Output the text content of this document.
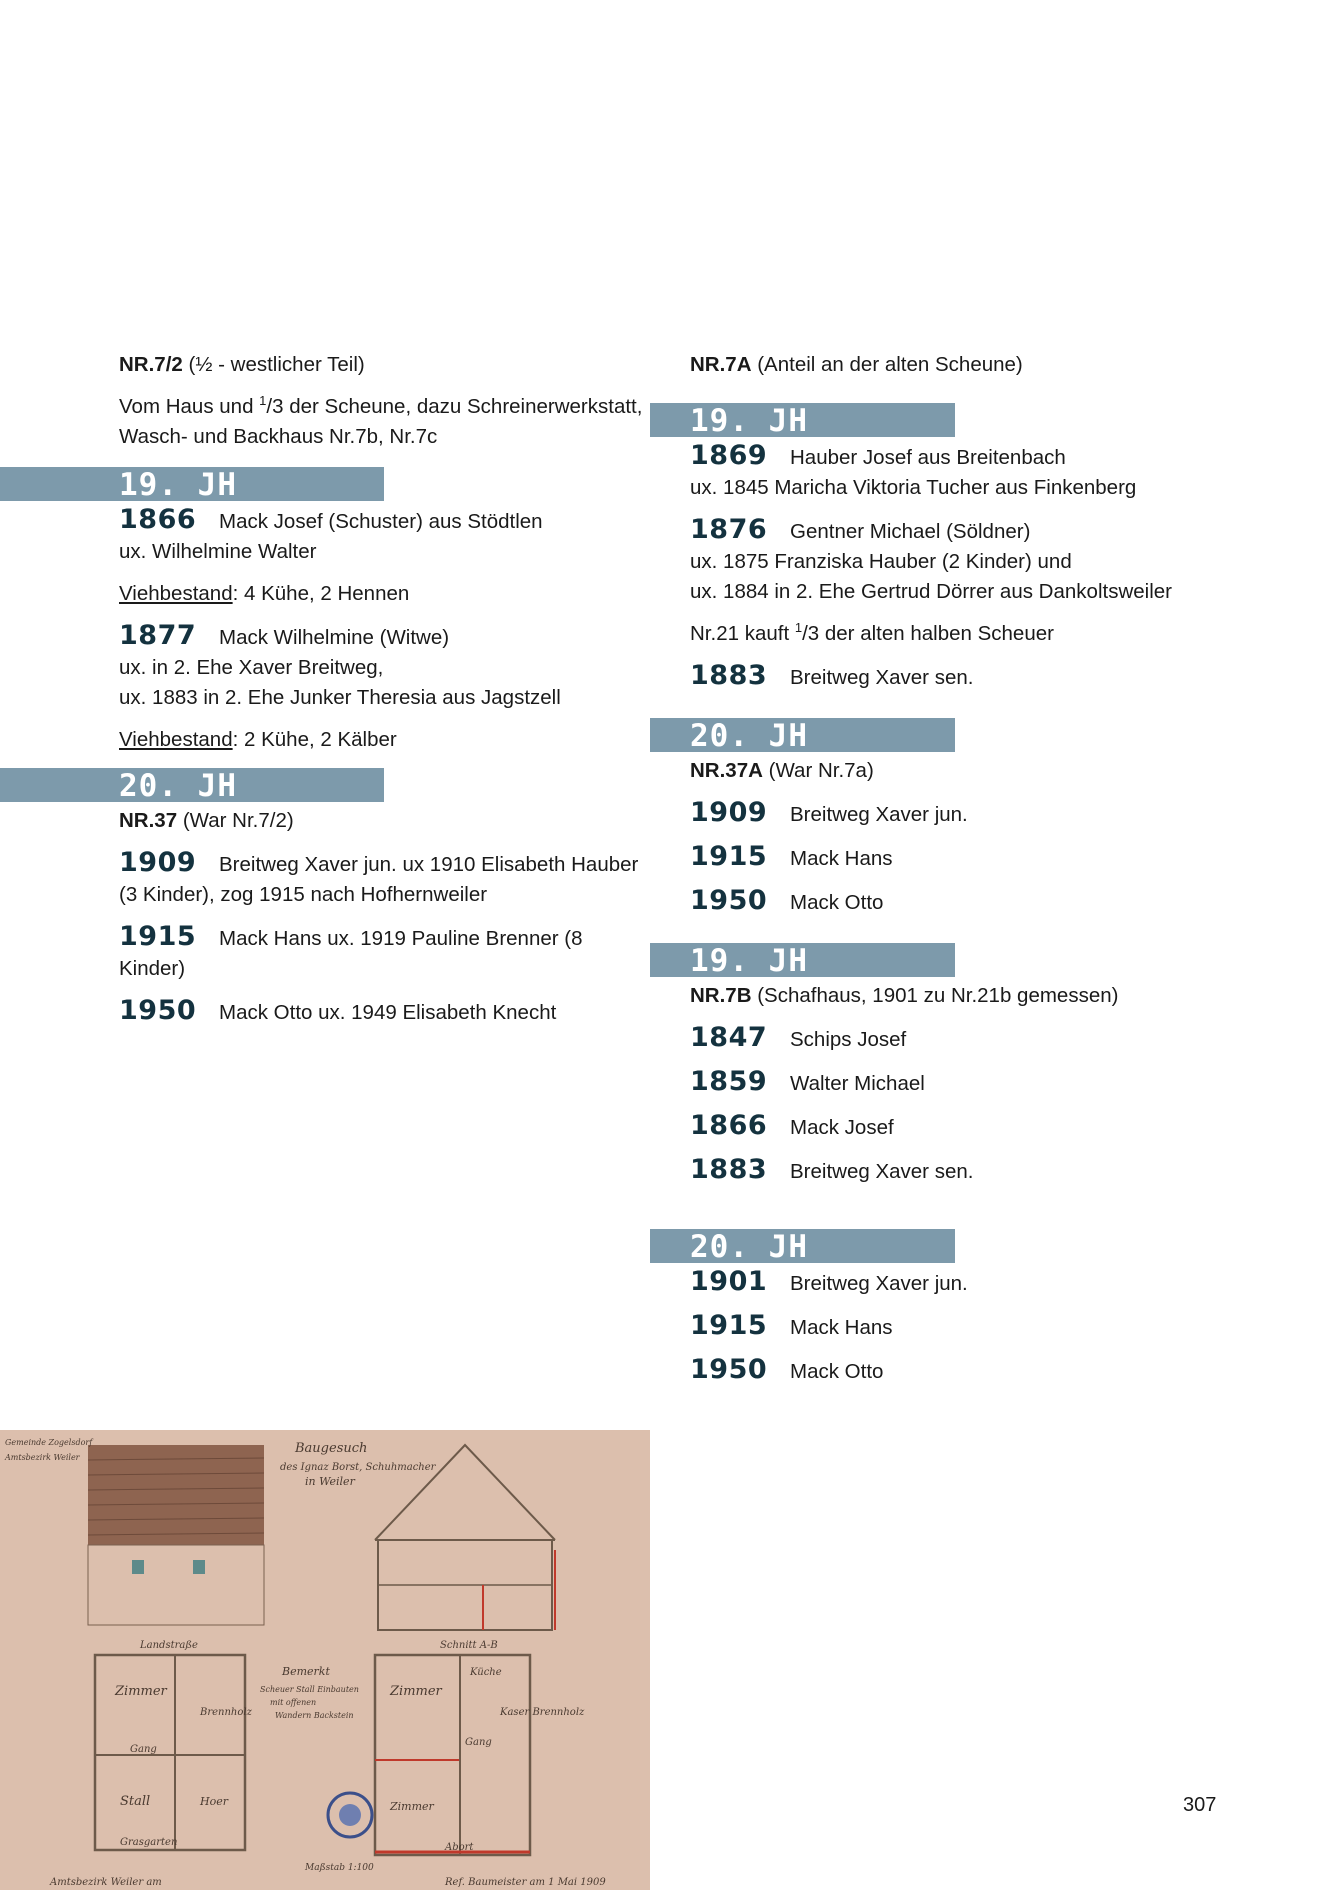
NR.7/2 (½ - westlicher Teil)

Vom Haus und $^1$/3 der Scheune, dazu Schreinerwerkstatt,
Wasch- und Backhaus Nr.7b, Nr.7c

19. JH

1866 Mack Josef (Schuster) aus Stödtlen
ux. Wilhelmine Walter

Viehbestand: 4 Kühe, 2 Hennen

1877 Mack Wilhelmine (Witwe)
ux. in 2. Ehe Xaver Breitweg,
ux. 1883 in 2. Ehe Junker Theresia aus Jagstzell

Viehbestand: 2 Kühe, 2 Kälber

20. JH

NR.37 (War Nr.7/2)

1909 Breitweg Xaver jun. ux 1910 Elisabeth Hauber
(3 Kinder), zog 1915 nach Hofhernweiler

1915 Mack Hans ux. 1919 Pauline Brenner (8 Kinder)

1950 Mack Otto ux. 1949 Elisabeth Knecht

NR.7A (Anteil an der alten Scheune)

19. JH

1869 Hauber Josef aus Breitenbach
ux. 1845 Maricha Viktoria Tucher aus Finkenberg

1876 Gentner Michael (Söldner)
ux. 1875 Franziska Hauber (2 Kinder) und
ux. 1884 in 2. Ehe Gertrud Dörrer aus Dankoltsweiler

Nr.21 kauft $^1$/3 der alten halben Scheuer

1883 Breitweg Xaver sen.

20. JH

NR.37A (War Nr.7a)

1909 Breitweg Xaver jun.

1915 Mack Hans

1950 Mack Otto

19. JH

NR.7B (Schafhaus, 1901 zu Nr.21b gemessen)

1847 Schips Josef

1859 Walter Michael

1866 Mack Josef

1883 Breitweg Xaver sen.

20. JH

1901 Breitweg Xaver jun.

1915 Mack Hans

1950 Mack Otto

Baugesuch
des Ignaz Borst, Schuhmacher
in Weiler
Landstraße	Schnitt A-B
Bemerkt
Scheuer Stall Einbauten
mit offenen
Wandern Backstein
Zimmer	Zimmer
Zimmer
Gang
Gang
Stall
Küche
Hoer
Brennholz	Kaser Brennholz
Grasgarten	Abort
Gemeinde Zogelsdorf
Amtsbezirk Weiler
Amtsbezirk Weiler am	Ref. Baumeister am 1 Mai 1909
Maßstab 1:100
307
